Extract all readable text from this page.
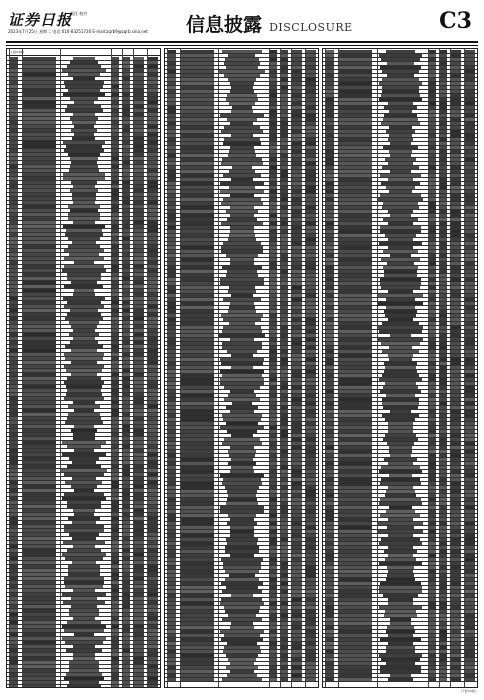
证券日报
责任 校对
2023年7月25日 星期二 电话:010-83251730 E-mail:zqrb9@zqrb.sina.net 信息披露 DISCLOSURE	C3
(上接C2版)
(下转C4版)
